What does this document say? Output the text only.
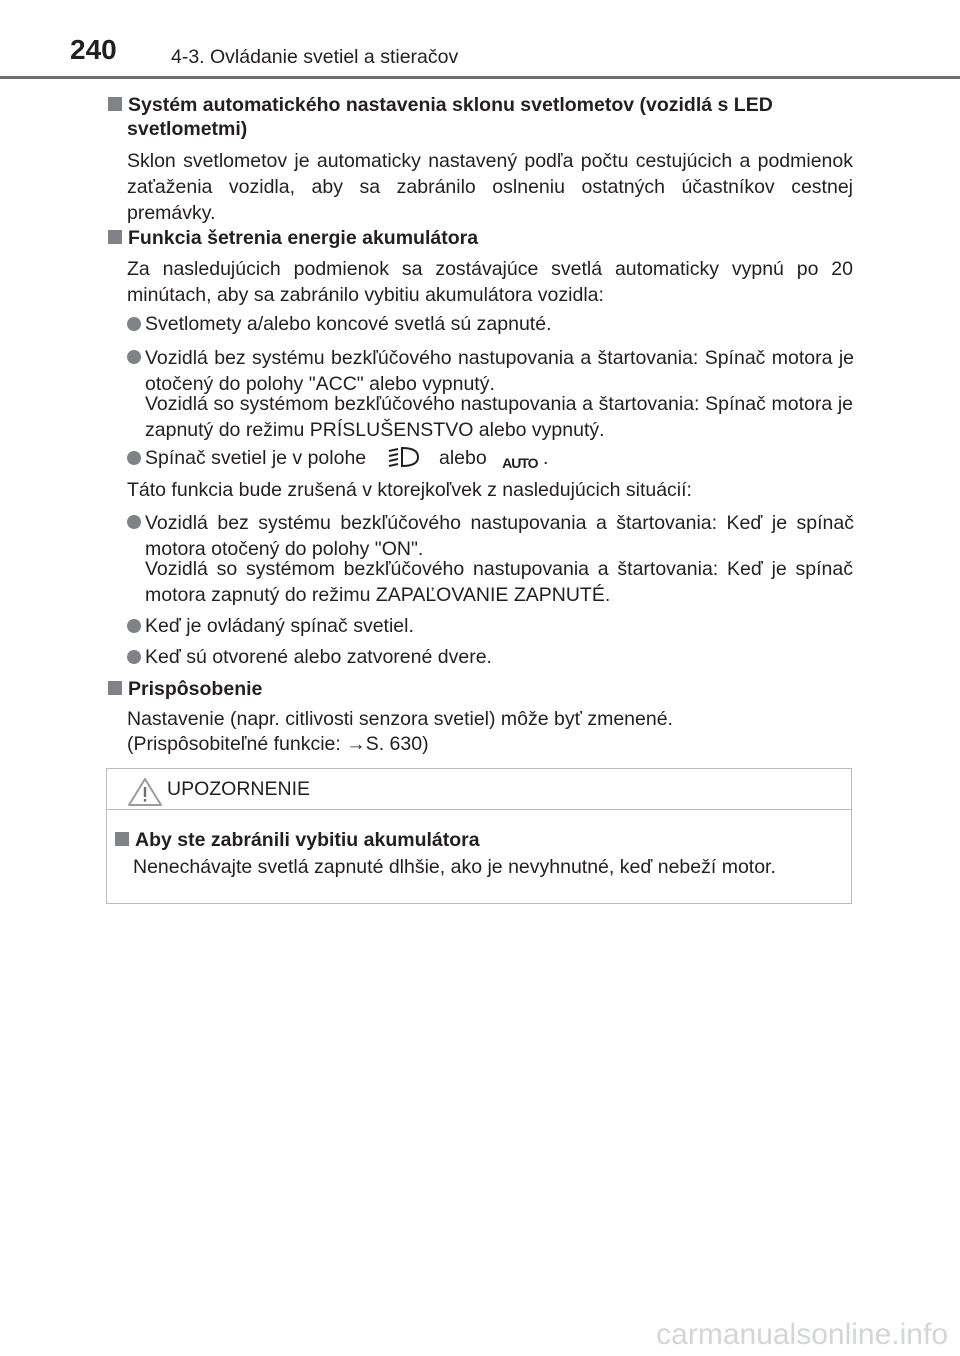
240	4-3. Ovládanie svetiel a stieračov
Systém automatického nastavenia sklonu svetlometov (vozidlá s LED
svetlometmi)
Sklon svetlometov je automaticky nastavený podľa počtu cestujúcich a podmienok zaťaženia vozidla, aby sa zabránilo oslneniu ostatných účastníkov cestnej premávky.
Funkcia šetrenia energie akumulátora
Za nasledujúcich podmienok sa zostávajúce svetlá automaticky vypnú po 20 minútach, aby sa zabránilo vybitiu akumulátora vozidla:
Svetlomety a/alebo koncové svetlá sú zapnuté.
Vozidlá bez systému bezkľúčového nastupovania a štartovania: Spínač motora je otočený do polohy "ACC" alebo vypnutý.
Vozidlá so systémom bezkľúčového nastupovania a štartovania: Spínač motora je zapnutý do režimu PRÍSLUŠENSTVO alebo vypnutý.
Spínač svetiel je v polohe	alebo AUTO .
Táto funkcia bude zrušená v ktorejkoľvek z nasledujúcich situácií:
Vozidlá bez systému bezkľúčového nastupovania a štartovania: Keď je spínač motora otočený do polohy "ON".
Vozidlá so systémom bezkľúčového nastupovania a štartovania: Keď je spínač motora zapnutý do režimu ZAPAĽOVANIE ZAPNUTÉ.
Keď je ovládaný spínač svetiel.
Keď sú otvorené alebo zatvorené dvere.
Prispôsobenie
Nastavenie (napr. citlivosti senzora svetiel) môže byť zmenené.
(Prispôsobiteľné funkcie: →S. 630)
UPOZORNENIE
Aby ste zabránili vybitiu akumulátora
Nenechávajte svetlá zapnuté dlhšie, ako je nevyhnutné, keď nebeží motor.
carmanualsonline.info
